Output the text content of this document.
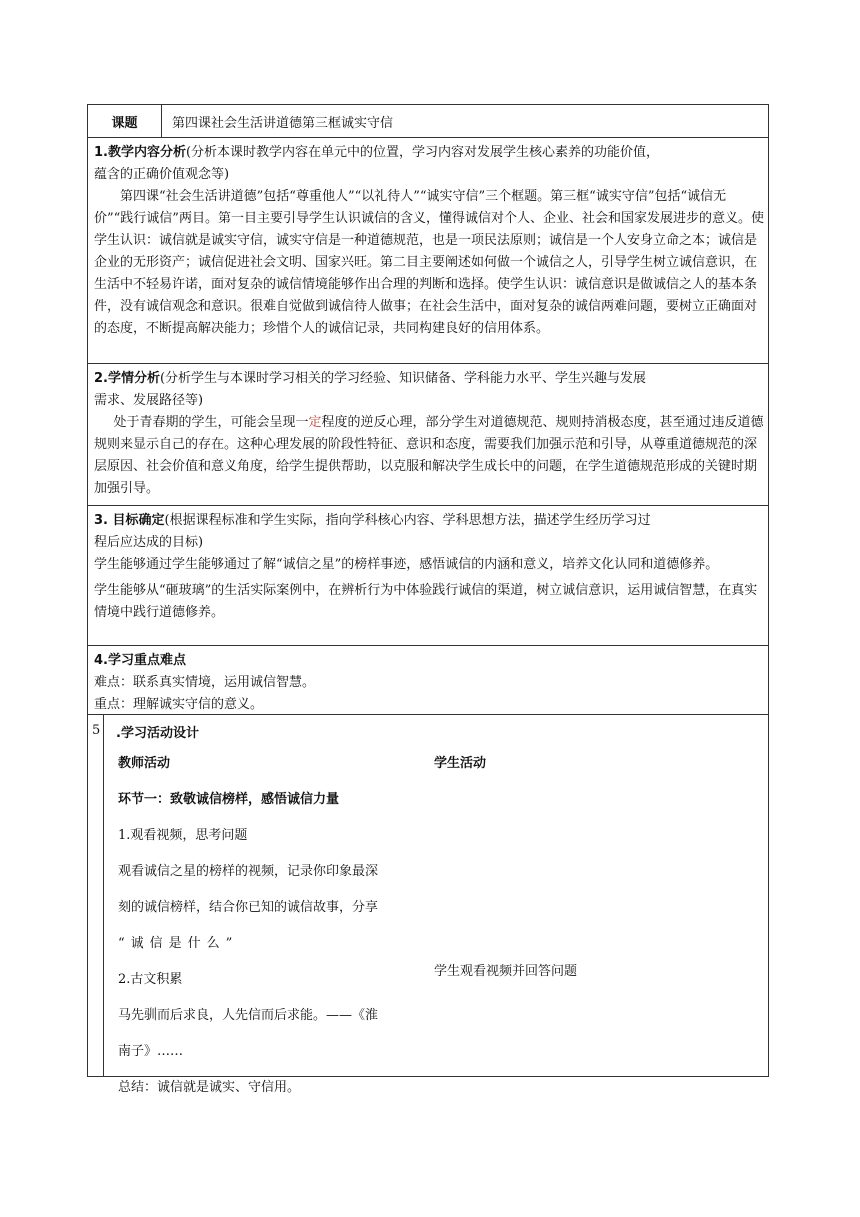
课题	第四课社会生活讲道德第三框诚实守信
1.教学内容分析(分析本课时教学内容在单元中的位置，学习内容对发展学生核心素养的功能价值，
蕴含的正确价值观念等)

第四课“社会生活讲道德”包括“尊重他人”“以礼待人”“诚实守信”三个框题。第三框“诚实守信”包括“诚信无价”“践行诚信”两目。第一目主要引导学生认识诚信的含义，懂得诚信对个人、企业、社会和国家发展进步的意义。使学生认识：诚信就是诚实守信，诚实守信是一种道德规范，也是一项民法原则；诚信是一个人安身立命之本；诚信是企业的无形资产；诚信促进社会文明、国家兴旺。第二目主要阐述如何做一个诚信之人，引导学生树立诚信意识，在生活中不轻易许诺，面对复杂的诚信情境能够作出合理的判断和选择。使学生认识：诚信意识是做诚信之人的基本条件，没有诚信观念和意识。很难自觉做到诚信待人做事；在社会生活中，面对复杂的诚信两难问题，要树立正确面对的态度，不断提高解决能力；珍惜个人的诚信记录，共同构建良好的信用体系。

2.学情分析(分析学生与本课时学习相关的学习经验、知识储备、学科能力水平、学生兴趣与发展
需求、发展路径等)

处于青春期的学生，可能会呈现一定程度的逆反心理，部分学生对道德规范、规则持消极态度，甚至通过违反道德规则来显示自己的存在。这种心理发展的阶段性特征、意识和态度，需要我们加强示范和引导，从尊重道德规范的深层原因、社会价值和意义角度，给学生提供帮助，以克服和解决学生成长中的问题，在学生道德规范形成的关键时期加强引导。

3. 目标确定(根据课程标准和学生实际，指向学科核心内容、学科思想方法，描述学生经历学习过
程后应达成的目标)

学生能够通过学生能够通过了解“诚信之星”的榜样事迹，感悟诚信的内涵和意义，培养文化认同和道德修养。

学生能够从“砸玻璃”的生活实际案例中，在辨析行为中体验践行诚信的渠道，树立诚信意识，运用诚信智慧，在真实情境中践行道德修养。

4.学习重点难点
难点：联系真实情境，运用诚信智慧。
重点：理解诚实守信的意义。
5 .学习活动设计

教师活动

环节一：致敬诚信榜样，感悟诚信力量

1.观看视频，思考问题

观看诚信之星的榜样的视频，记录你印象最深

刻的诚信榜样，结合你已知的诚信故事，分享

“诚信是什么”

2.古文积累

马先驯而后求良，人先信而后求能。——《淮

南子》……

总结：诚信就是诚实、守信用。

学生活动

学生观看视频并回答问题
